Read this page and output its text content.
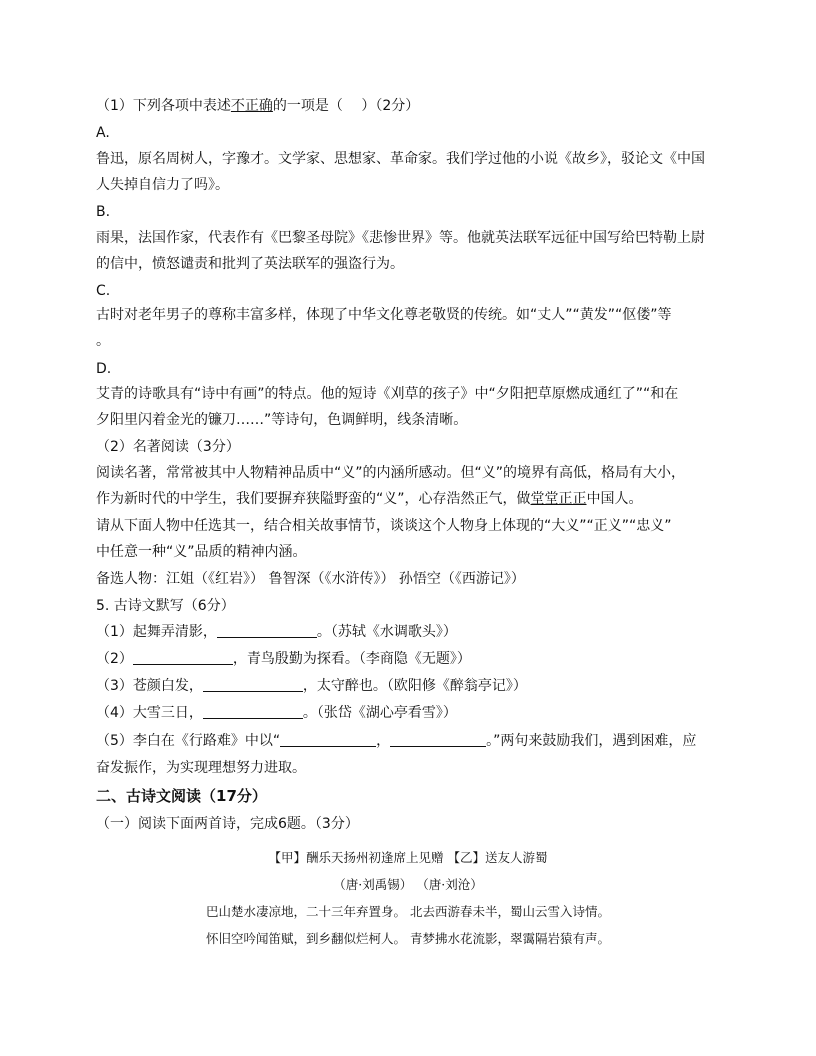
（1）下列各项中表述不正确的一项是（　 ）（2分）
A.
鲁迅，原名周树人，字豫才。文学家、思想家、革命家。我们学过他的小说《故乡》，驳论文《中国
人失掉自信力了吗》。
B.
雨果，法国作家，代表作有《巴黎圣母院》《悲惨世界》等。他就英法联军远征中国写给巴特勒上尉
的信中，愤怒谴责和批判了英法联军的强盗行为。
C.
古时对老年男子的尊称丰富多样，体现了中华文化尊老敬贤的传统。如“丈人”“黄发”“伛偻”等
。
D.
艾青的诗歌具有“诗中有画”的特点。他的短诗《刈草的孩子》中“夕阳把草原燃成通红了”“和在
夕阳里闪着金光的镰刀……”等诗句，色调鲜明，线条清晰。
（2）名著阅读（3分）
阅读名著，常常被其中人物精神品质中“义”的内涵所感动。但“义”的境界有高低，格局有大小，
作为新时代的中学生，我们要摒弃狭隘野蛮的“义”，心存浩然正气，做堂堂正正中国人。
请从下面人物中任选其一，结合相关故事情节，谈谈这个人物身上体现的“大义”“正义”“忠义”
中任意一种“义”品质的精神内涵。
备选人物：江姐（《红岩》） 鲁智深（《水浒传》） 孙悟空（《西游记》）
5. 古诗文默写（6分）
（1）起舞弄清影，	。（苏轼《水调歌头》）
（2）	，青鸟殷勤为探看。（李商隐《无题》）
（3）苍颜白发，	，太守醉也。（欧阳修《醉翁亭记》）
（4）大雪三日，	。（张岱《湖心亭看雪》）
（5）李白在《行路难》中以“	，	。”两句来鼓励我们，遇到困难，应
奋发振作，为实现理想努力进取。
二、古诗文阅读（17分）
（一）阅读下面两首诗，完成6题。（3分）
【甲】酬乐天扬州初逢席上见赠 【乙】送友人游蜀
（唐·刘禹锡） （唐·刘沧）
巴山楚水凄凉地，二十三年弃置身。 北去西游春未半，蜀山云雪入诗情。
怀旧空吟闻笛赋，到乡翻似烂柯人。 青梦拂水花流影，翠霭隔岩猿有声。
